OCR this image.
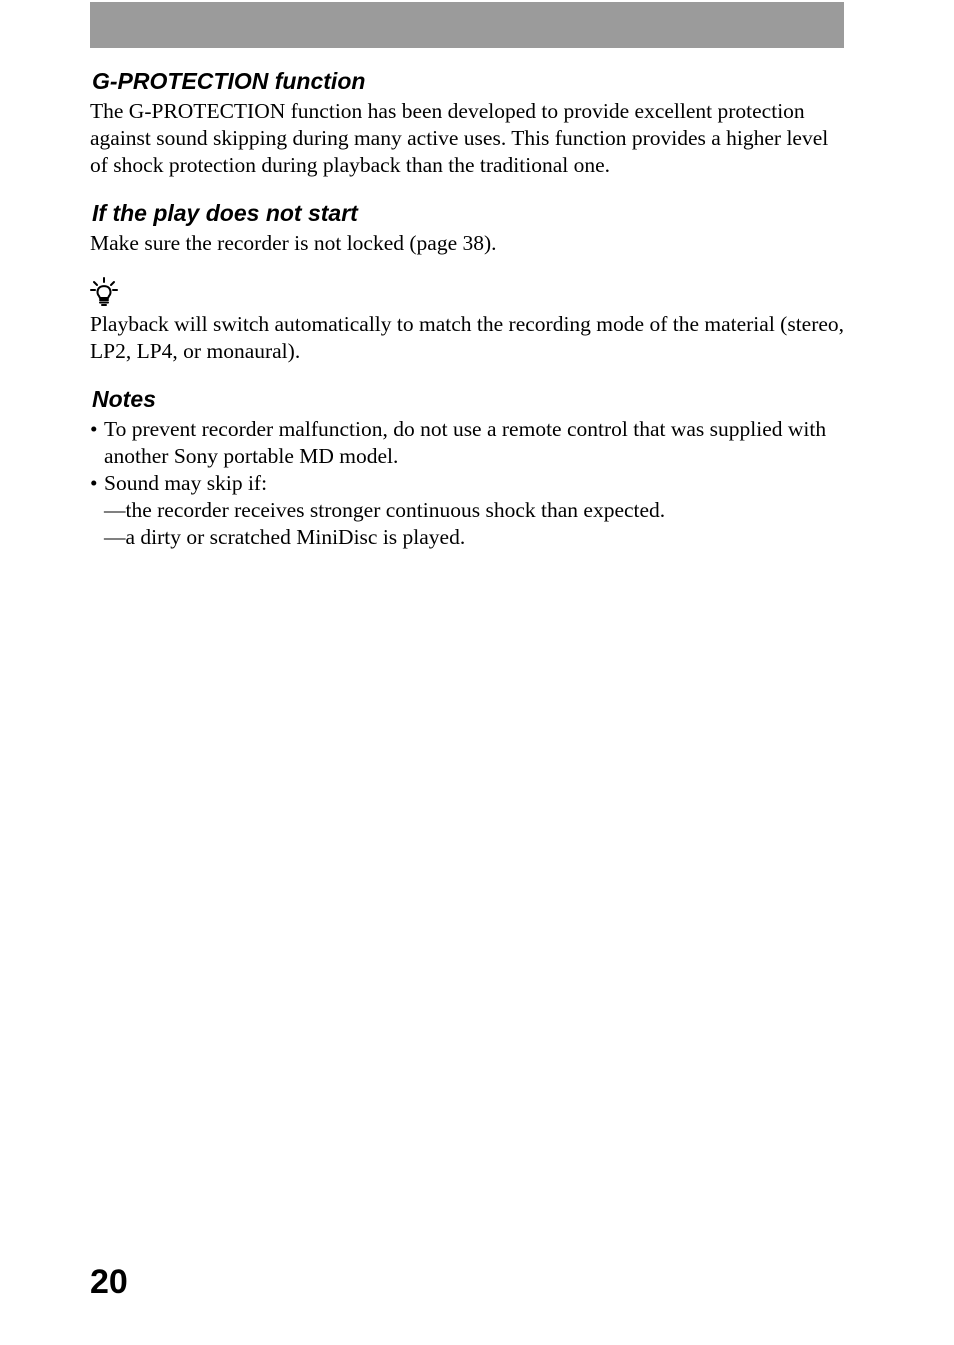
G-PROTECTION function

The G-PROTECTION function has been developed to provide excellent protection against sound skipping during many active uses. This function provides a higher level of shock protection during playback than the traditional one.

If the play does not start

Make sure the recorder is not locked (page 38).

Playback will switch automatically to match the recording mode of the material (stereo, LP2, LP4, or monaural).

Notes
• To prevent recorder malfunction, do not use a remote control that was supplied with another Sony portable MD model.
• Sound may skip if:
—the recorder receives stronger continuous shock than expected.
—a dirty or scratched MiniDisc is played.
20
